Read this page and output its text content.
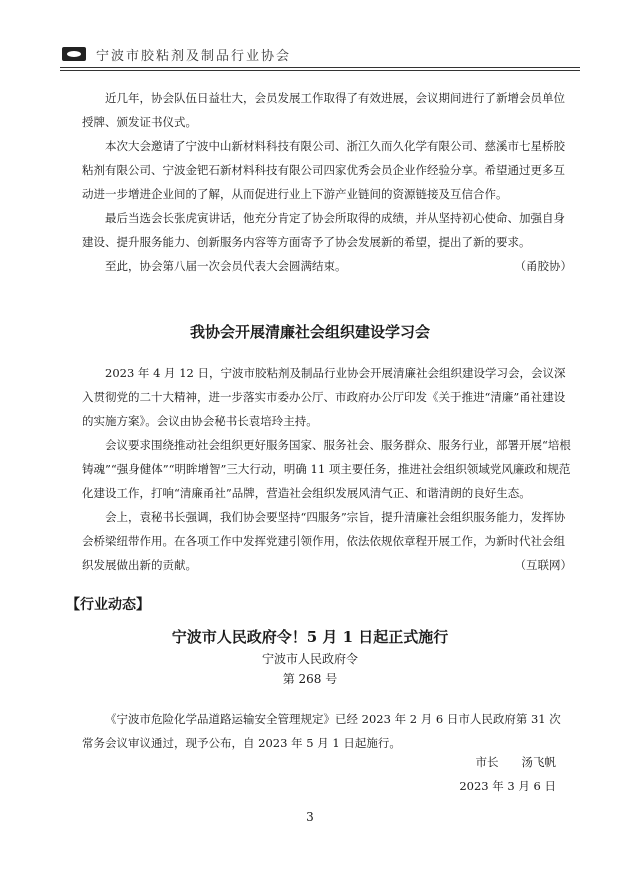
宁波市胶粘剂及制品行业协会

近几年，协会队伍日益壮大，会员发展工作取得了有效进展，会议期间进行了新增会员单位授牌、颁发证书仪式。

本次大会邀请了宁波中山新材料科技有限公司、浙江久而久化学有限公司、慈溪市七星桥胶粘剂有限公司、宁波金钯石新材料科技有限公司四家优秀会员企业作经验分享。希望通过更多互动进一步增进企业间的了解，从而促进行业上下游产业链间的资源链接及互信合作。

最后当选会长张虎寅讲话，他充分肯定了协会所取得的成绩，并从坚持初心使命、加强自身建设、提升服务能力、创新服务内容等方面寄予了协会发展新的希望，提出了新的要求。

至此，协会第八届一次会员代表大会圆满结束。	（甬胶协）

我协会开展清廉社会组织建设学习会

2023 年 4 月 12 日，宁波市胶粘剂及制品行业协会开展清廉社会组织建设学习会，会议深入贯彻党的二十大精神，进一步落实市委办公厅、市政府办公厅印发《关于推进“清廉”甬社建设的实施方案》。会议由协会秘书长袁培玲主持。

会议要求围绕推动社会组织更好服务国家、服务社会、服务群众、服务行业，部署开展“培根铸魂”“强身健体”“明眸增智”三大行动，明确 11 项主要任务，推进社会组织领域党风廉政和规范化建设工作，打响“清廉甬社”品牌，营造社会组织发展风清气正、和谐清朗的良好生态。

会上，袁秘书长强调，我们协会要坚持“四服务”宗旨，提升清廉社会组织服务能力，发挥协会桥梁纽带作用。在各项工作中发挥党建引领作用，依法依规依章程开展工作，为新时代社会组织发展做出新的贡献。	（互联网）

【行业动态】
宁波市人民政府令！5 月 1 日起正式施行
宁波市人民政府令
第 268 号

《宁波市危险化学品道路运输安全管理规定》已经 2023 年 2 月 6 日市人民政府第 31 次常务会议审议通过，现予公布，自 2023 年 5 月 1 日起施行。

市长　　汤飞帆
2023 年 3 月 6 日
3
